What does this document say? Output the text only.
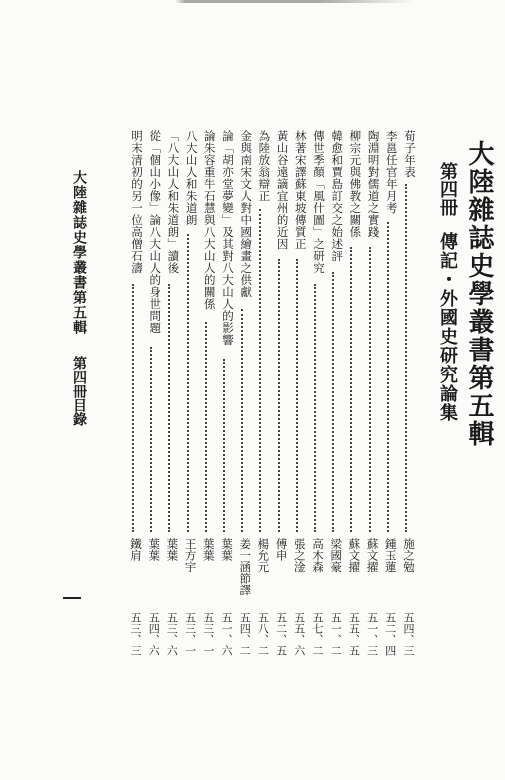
大陸雜誌史學叢書第五輯
第四冊
傳記・外國史研究論集
荀子年表
施之勉
五四、三
李邕任官年月考
鍾玉蓮
五二、四
陶淵明對儒道之實踐
蘇文擢
五一、三
柳宗元與佛教之關係
蘇文擢
五五、五
韓愈和賈島訂交之始述評
梁國豪
五一、二
傳世季顏「風什圖」之研究
高木森
五七、二
林著宋譯蘇東坡傳質正
張之淦
五五、六
黃山谷遠謫宜州的近因
傅申
五二、五
為陸放翁辯正
楊允元
五八、二
金與南宋文人對中國繪畫之供獻
姜一涵節譯
五四、二
論「胡亦堂夢變」及其對八大山人的影響
葉葉
五一、六
論朱容重牛石慧與八大山人的關係
葉葉
五三、一
八大山人和朱道朗
王方宇
五三、一
「八大山人和朱道朗」讀後
葉葉
五三、六
從「個山小像」論八大山人的身世問題
葉葉
五四、六
明末清初的另一位高僧石濤
鐵肩
五三、三
大陸雜誌史學叢書第五輯
第四冊目錄
